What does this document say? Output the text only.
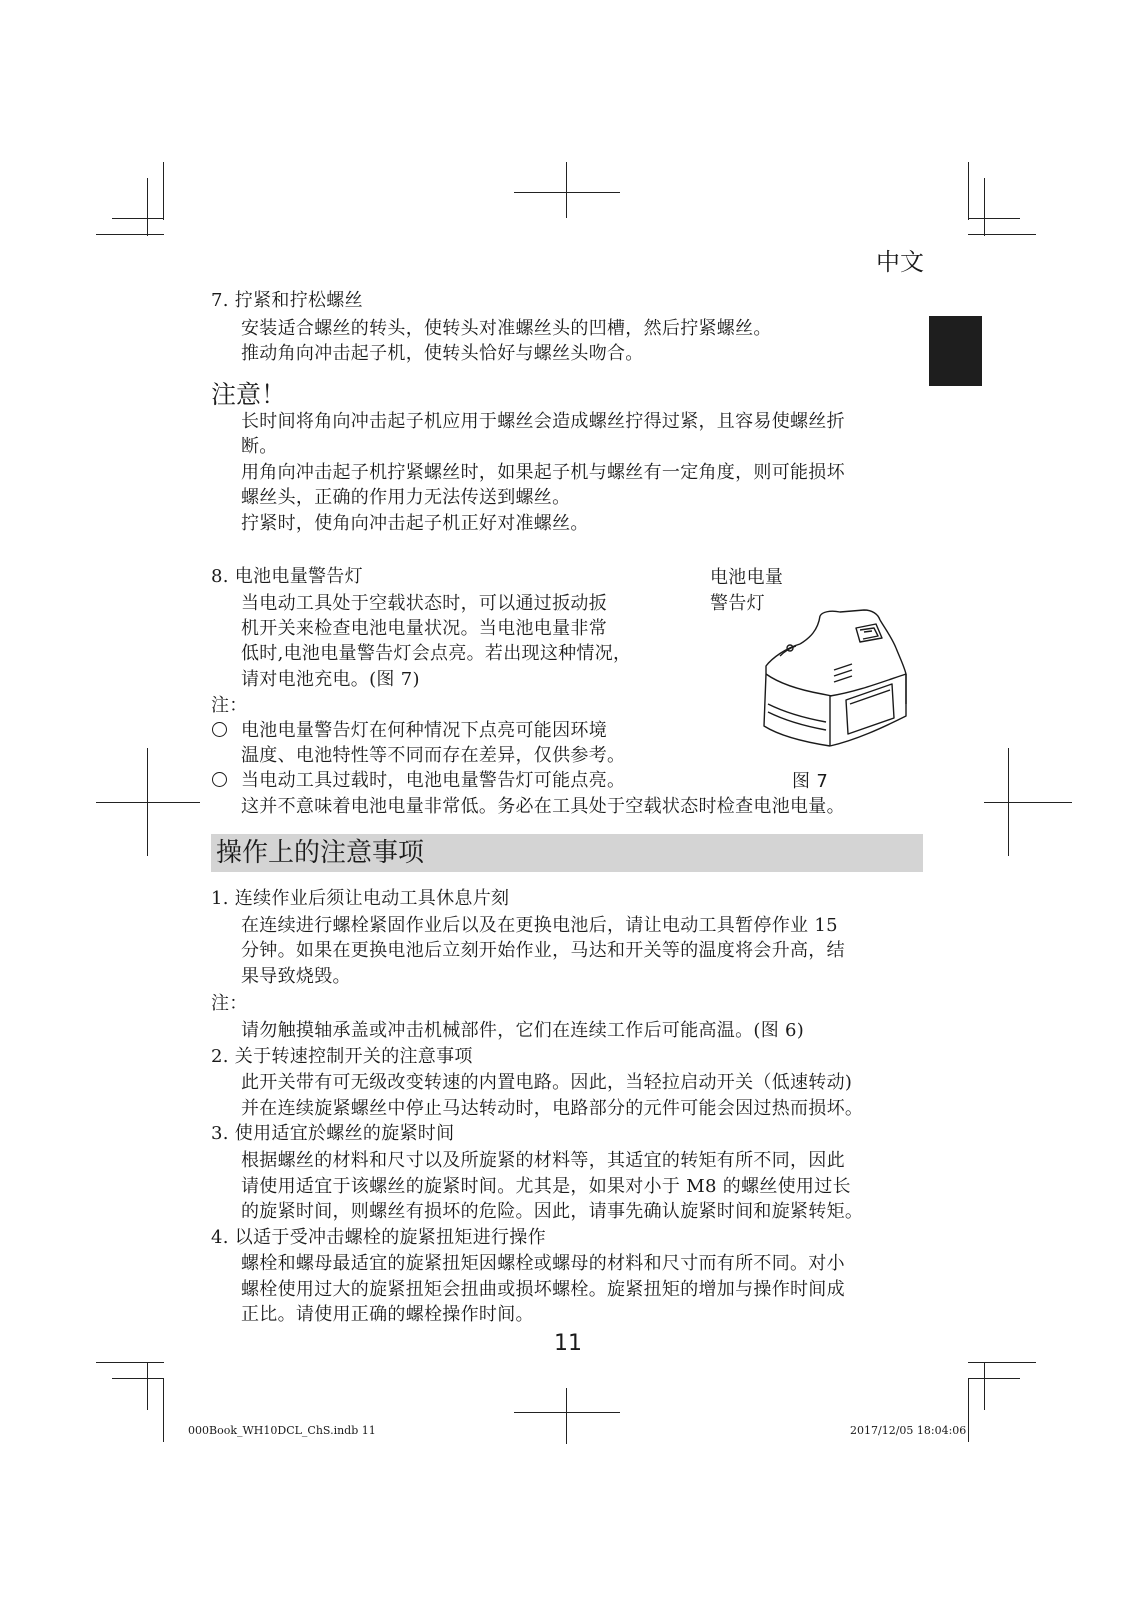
中文
7. 拧紧和拧松螺丝
安装适合螺丝的转头，使转头对准螺丝头的凹槽，然后拧紧螺丝。
推动角向冲击起子机，使转头恰好与螺丝头吻合。
注意！
长时间将角向冲击起子机应用于螺丝会造成螺丝拧得过紧，且容易使螺丝折
断。
用角向冲击起子机拧紧螺丝时，如果起子机与螺丝有一定角度，则可能损坏
螺丝头，正确的作用力无法传送到螺丝。
拧紧时，使角向冲击起子机正好对准螺丝。
8. 电池电量警告灯
当电动工具处于空载状态时，可以通过扳动扳
机开关来检查电池电量状况。当电池电量非常
低时,电池电量警告灯会点亮。若出现这种情况，
请对电池充电。(图 7)
注：
电池电量警告灯在何种情况下点亮可能因环境
温度、电池特性等不同而存在差异，仅供参考。
当电动工具过载时，电池电量警告灯可能点亮。
这并不意味着电池电量非常低。务必在工具处于空载状态时检查电池电量。
电池电量
警告灯
图 7
操作上的注意事项
1. 连续作业后须让电动工具休息片刻
在连续进行螺栓紧固作业后以及在更换电池后，请让电动工具暂停作业 15
分钟。如果在更换电池后立刻开始作业，马达和开关等的温度将会升高，结
果导致烧毁。
注：
请勿触摸轴承盖或冲击机械部件，它们在连续工作后可能高温。(图 6)
2. 关于转速控制开关的注意事项
此开关带有可无级改变转速的内置电路。因此，当轻拉启动开关（低速转动)
并在连续旋紧螺丝中停止马达转动时，电路部分的元件可能会因过热而损坏。
3. 使用适宜於螺丝的旋紧时间
根据螺丝的材料和尺寸以及所旋紧的材料等，其适宜的转矩有所不同，因此
请使用适宜于该螺丝的旋紧时间。尤其是，如果对小于 M8 的螺丝使用过长
的旋紧时间，则螺丝有损坏的危险。因此，请事先确认旋紧时间和旋紧转矩。
4. 以适于受冲击螺栓的旋紧扭矩进行操作
螺栓和螺母最适宜的旋紧扭矩因螺栓或螺母的材料和尺寸而有所不同。对小
螺栓使用过大的旋紧扭矩会扭曲或损坏螺栓。旋紧扭矩的增加与操作时间成
正比。请使用正确的螺栓操作时间。
11
000Book_WH10DCL_ChS.indb 11	2017/12/05 18:04:06
